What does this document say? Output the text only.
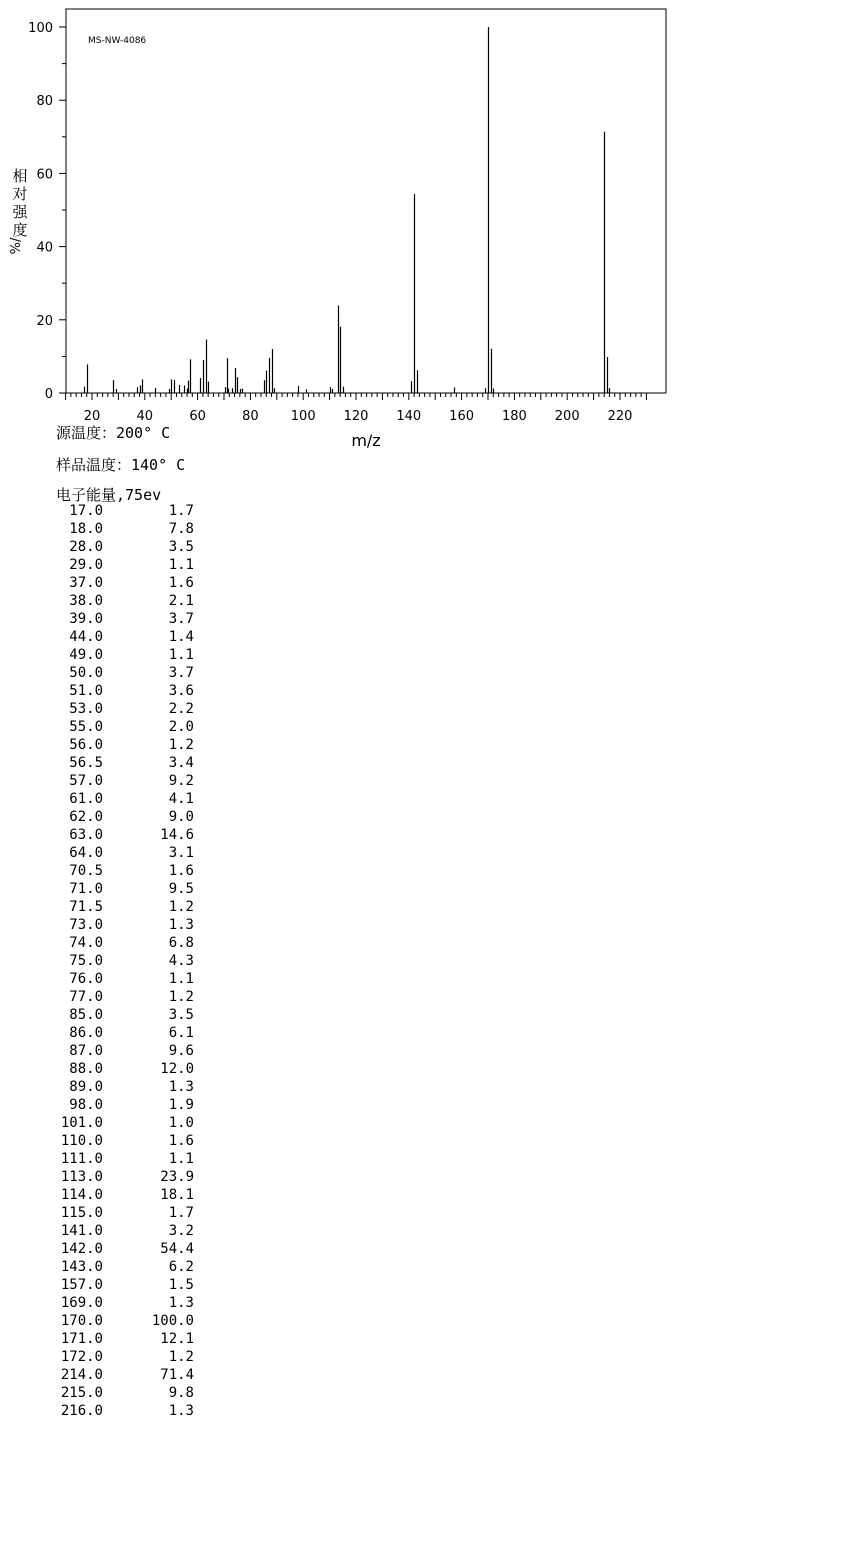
0
20
40
60
80
100
20	40	60	80 100 120 140 160 180 200 220
MS-NW-4086
m/z
相
对
强
度
%/
源温度：200° C
样品温度：140° C
电子能量,75ev
17.0	1.7
18.0	7.8
28.0	3.5
29.0	1.1
37.0	1.6
38.0	2.1
39.0	3.7
44.0	1.4
49.0	1.1
50.0	3.7
51.0	3.6
53.0	2.2
55.0	2.0
56.0	1.2
56.5	3.4
57.0	9.2
61.0	4.1
62.0	9.0
63.0	14.6
64.0	3.1
70.5	1.6
71.0	9.5
71.5	1.2
73.0	1.3
74.0	6.8
75.0	4.3
76.0	1.1
77.0	1.2
85.0	3.5
86.0	6.1
87.0	9.6
88.0	12.0
89.0	1.3
98.0	1.9
101.0	1.0
110.0	1.6
111.0	1.1
113.0	23.9
114.0	18.1
115.0	1.7
141.0	3.2
142.0	54.4
143.0	6.2
157.0	1.5
169.0	1.3
170.0	100.0
171.0	12.1
172.0	1.2
214.0	71.4
215.0	9.8
216.0	1.3
